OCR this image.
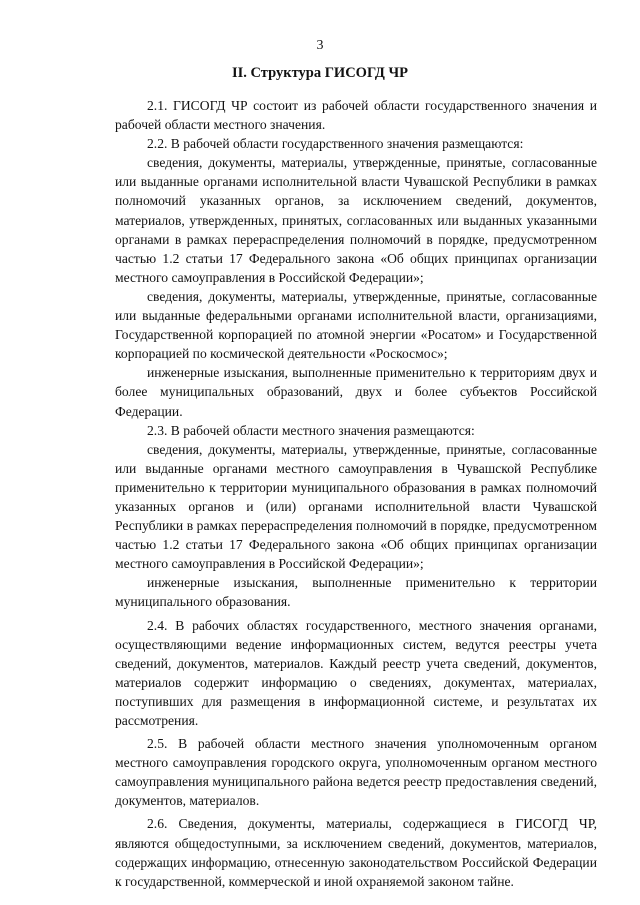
3
II. Структура ГИСОГД ЧР

2.1. ГИСОГД ЧР состоит из рабочей области государственного значения и рабочей области местного значения.

2.2. В рабочей области государственного значения размещаются:

сведения, документы, материалы, утвержденные, принятые, согласованные или выданные органами исполнительной власти Чувашской Республики в рамках полномочий указанных органов, за исключением сведений, документов, материалов, утвержденных, принятых, согласованных или выданных указанными органами в рамках перераспределения полномочий в порядке, предусмотренном частью 1.2 статьи 17 Федерального закона «Об общих принципах организации местного самоуправления в Российской Федерации»;

сведения, документы, материалы, утвержденные, принятые, согласованные или выданные федеральными органами исполнительной власти, организациями, Государственной корпорацией по атомной энергии «Росатом» и Государственной корпорацией по космической деятельности «Роскосмос»;

инженерные изыскания, выполненные применительно к территориям двух и более муниципальных образований, двух и более субъектов Российской Федерации.

2.3. В рабочей области местного значения размещаются:

сведения, документы, материалы, утвержденные, принятые, согласованные или выданные органами местного самоуправления в Чувашской Республике применительно к территории муниципального образования в рамках полномочий указанных органов и (или) органами исполнительной власти Чувашской Республики в рамках перераспределения полномочий в порядке, предусмотренном частью 1.2 статьи 17 Федерального закона «Об общих принципах организации местного самоуправления в Российской Федерации»;

инженерные изыскания, выполненные применительно к территории муниципального образования.

2.4. В рабочих областях государственного, местного значения органами, осуществляющими ведение информационных систем, ведутся реестры учета сведений, документов, материалов. Каждый реестр учета сведений, документов, материалов содержит информацию о сведениях, документах, материалах, поступивших для размещения в информационной системе, и результатах их рассмотрения.

2.5. В рабочей области местного значения уполномоченным органом местного самоуправления городского округа, уполномоченным органом местного самоуправления муниципального района ведется реестр предоставления сведений, документов, материалов.

2.6. Сведения, документы, материалы, содержащиеся в ГИСОГД ЧР, являются общедоступными, за исключением сведений, документов, материалов, содержащих информацию, отнесенную законодательством Российской Федерации к государственной, коммерческой и иной охраняемой законом тайне.
